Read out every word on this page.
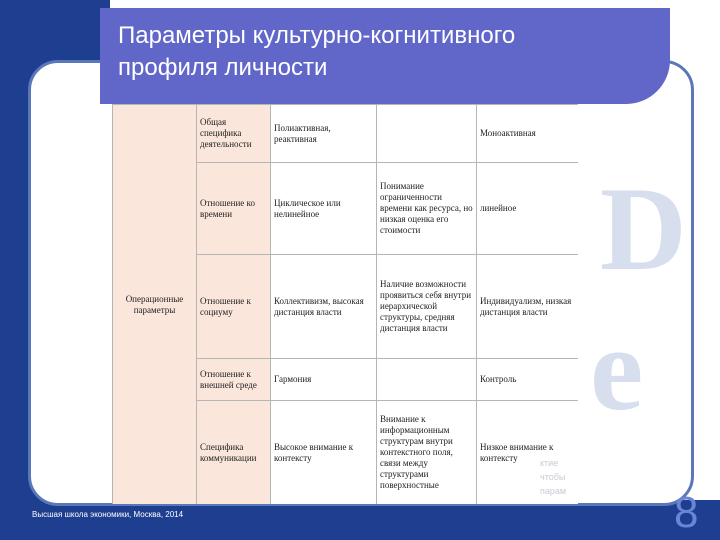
D
e
Параметры культурно-когнитивного
профиля личности
Операционные параметры	Общая специфика деятельности	Полиактивная, реактивная		Моноактивная
	Отношение ко времени	Циклическое или нелинейное	Понимание ограниченности времени как ресурса, но низкая оценка его стоимости	линейное
	Отношение к социуму	Коллективизм, высокая дистанция власти	Наличие возможности проявиться себя внутри иерархической структуры, средняя дистанция власти	Индивидуализм, низкая дистанция власти
	Отношение к внешней среде	Гармония		Контроль
	Специфика коммуникации	Высокое внимание к контексту	Внимание к информационным структурам внутри контекстного поля, связи между структурами поверхностные	Низкое внимание к контексту
ктие
чтобы
парам
Высшая школа экономики, Москва, 2014	8
